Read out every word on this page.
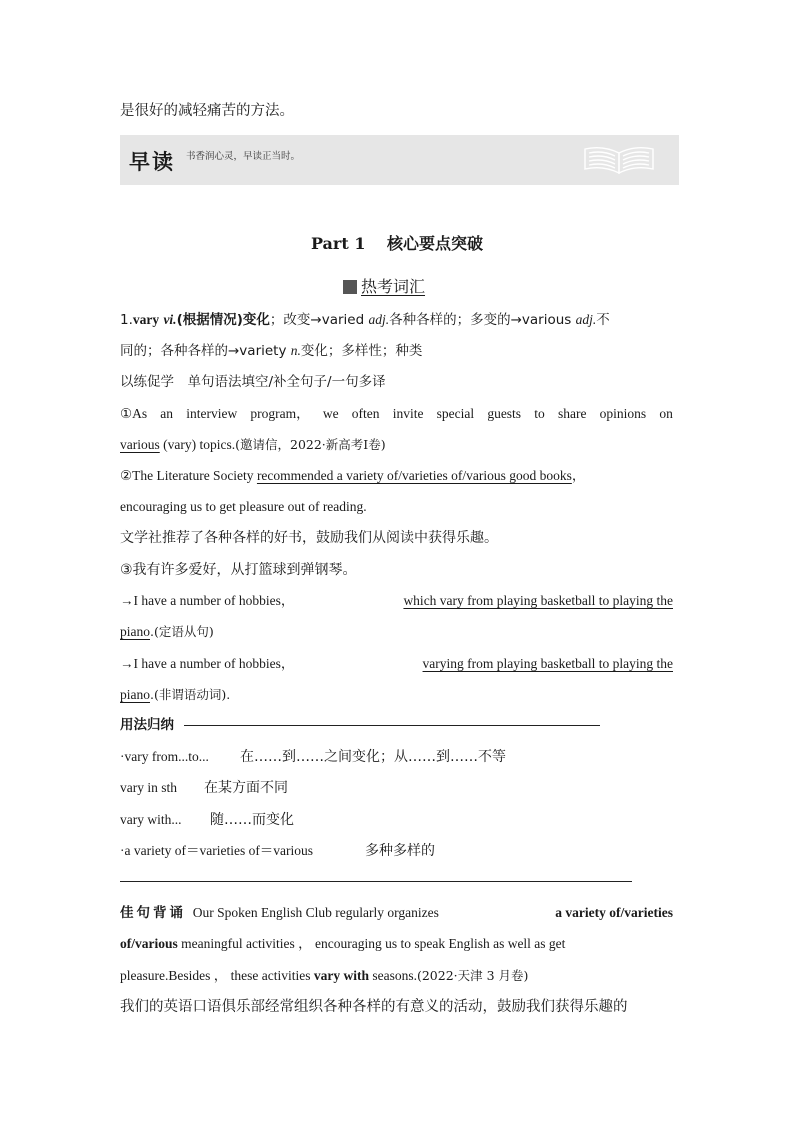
是很好的减轻痛苦的方法。
早读 书香润心灵，早读正当时。
Part 1　 核心要点突破
热考词汇
1.vary vi.(根据情况)变化；改变→varied adj.各种各样的；多变的→various adj.不
同的；各种各样的→variety n.变化；多样性；种类
以练促学　单句语法填空/补全句子/一句多译
①As an interview program， we often invite special guests to share opinions on
various (vary) topics.(邀请信，2022·新高考Ⅰ卷)
②The Literature Society recommended a variety of/varieties of/various good books，
encouraging us to get pleasure out of reading.
文学社推荐了各种各样的好书，鼓励我们从阅读中获得乐趣。
③我有许多爱好，从打篮球到弹钢琴。
→I have a number of hobbies，	which vary from playing basketball to playing the
piano.(定语从句)
→I have a number of hobbies，	varying from playing basketball to playing the
piano.(非谓语动词).
用法归纳
·vary from...to... 在……到……之间变化；从……到……不等
vary in sth 在某方面不同
vary with... 随……而变化
·a variety of＝varieties of＝various	多种多样的
佳句背诵 Our Spoken English Club regularly organizes	a variety of/varieties
of/various meaningful activities ， encouraging us to speak English as well as get
pleasure.Besides ， these activities vary with seasons.(2022·天津 3 月卷)
我们的英语口语俱乐部经常组织各种各样的有意义的活动，鼓励我们获得乐趣的
